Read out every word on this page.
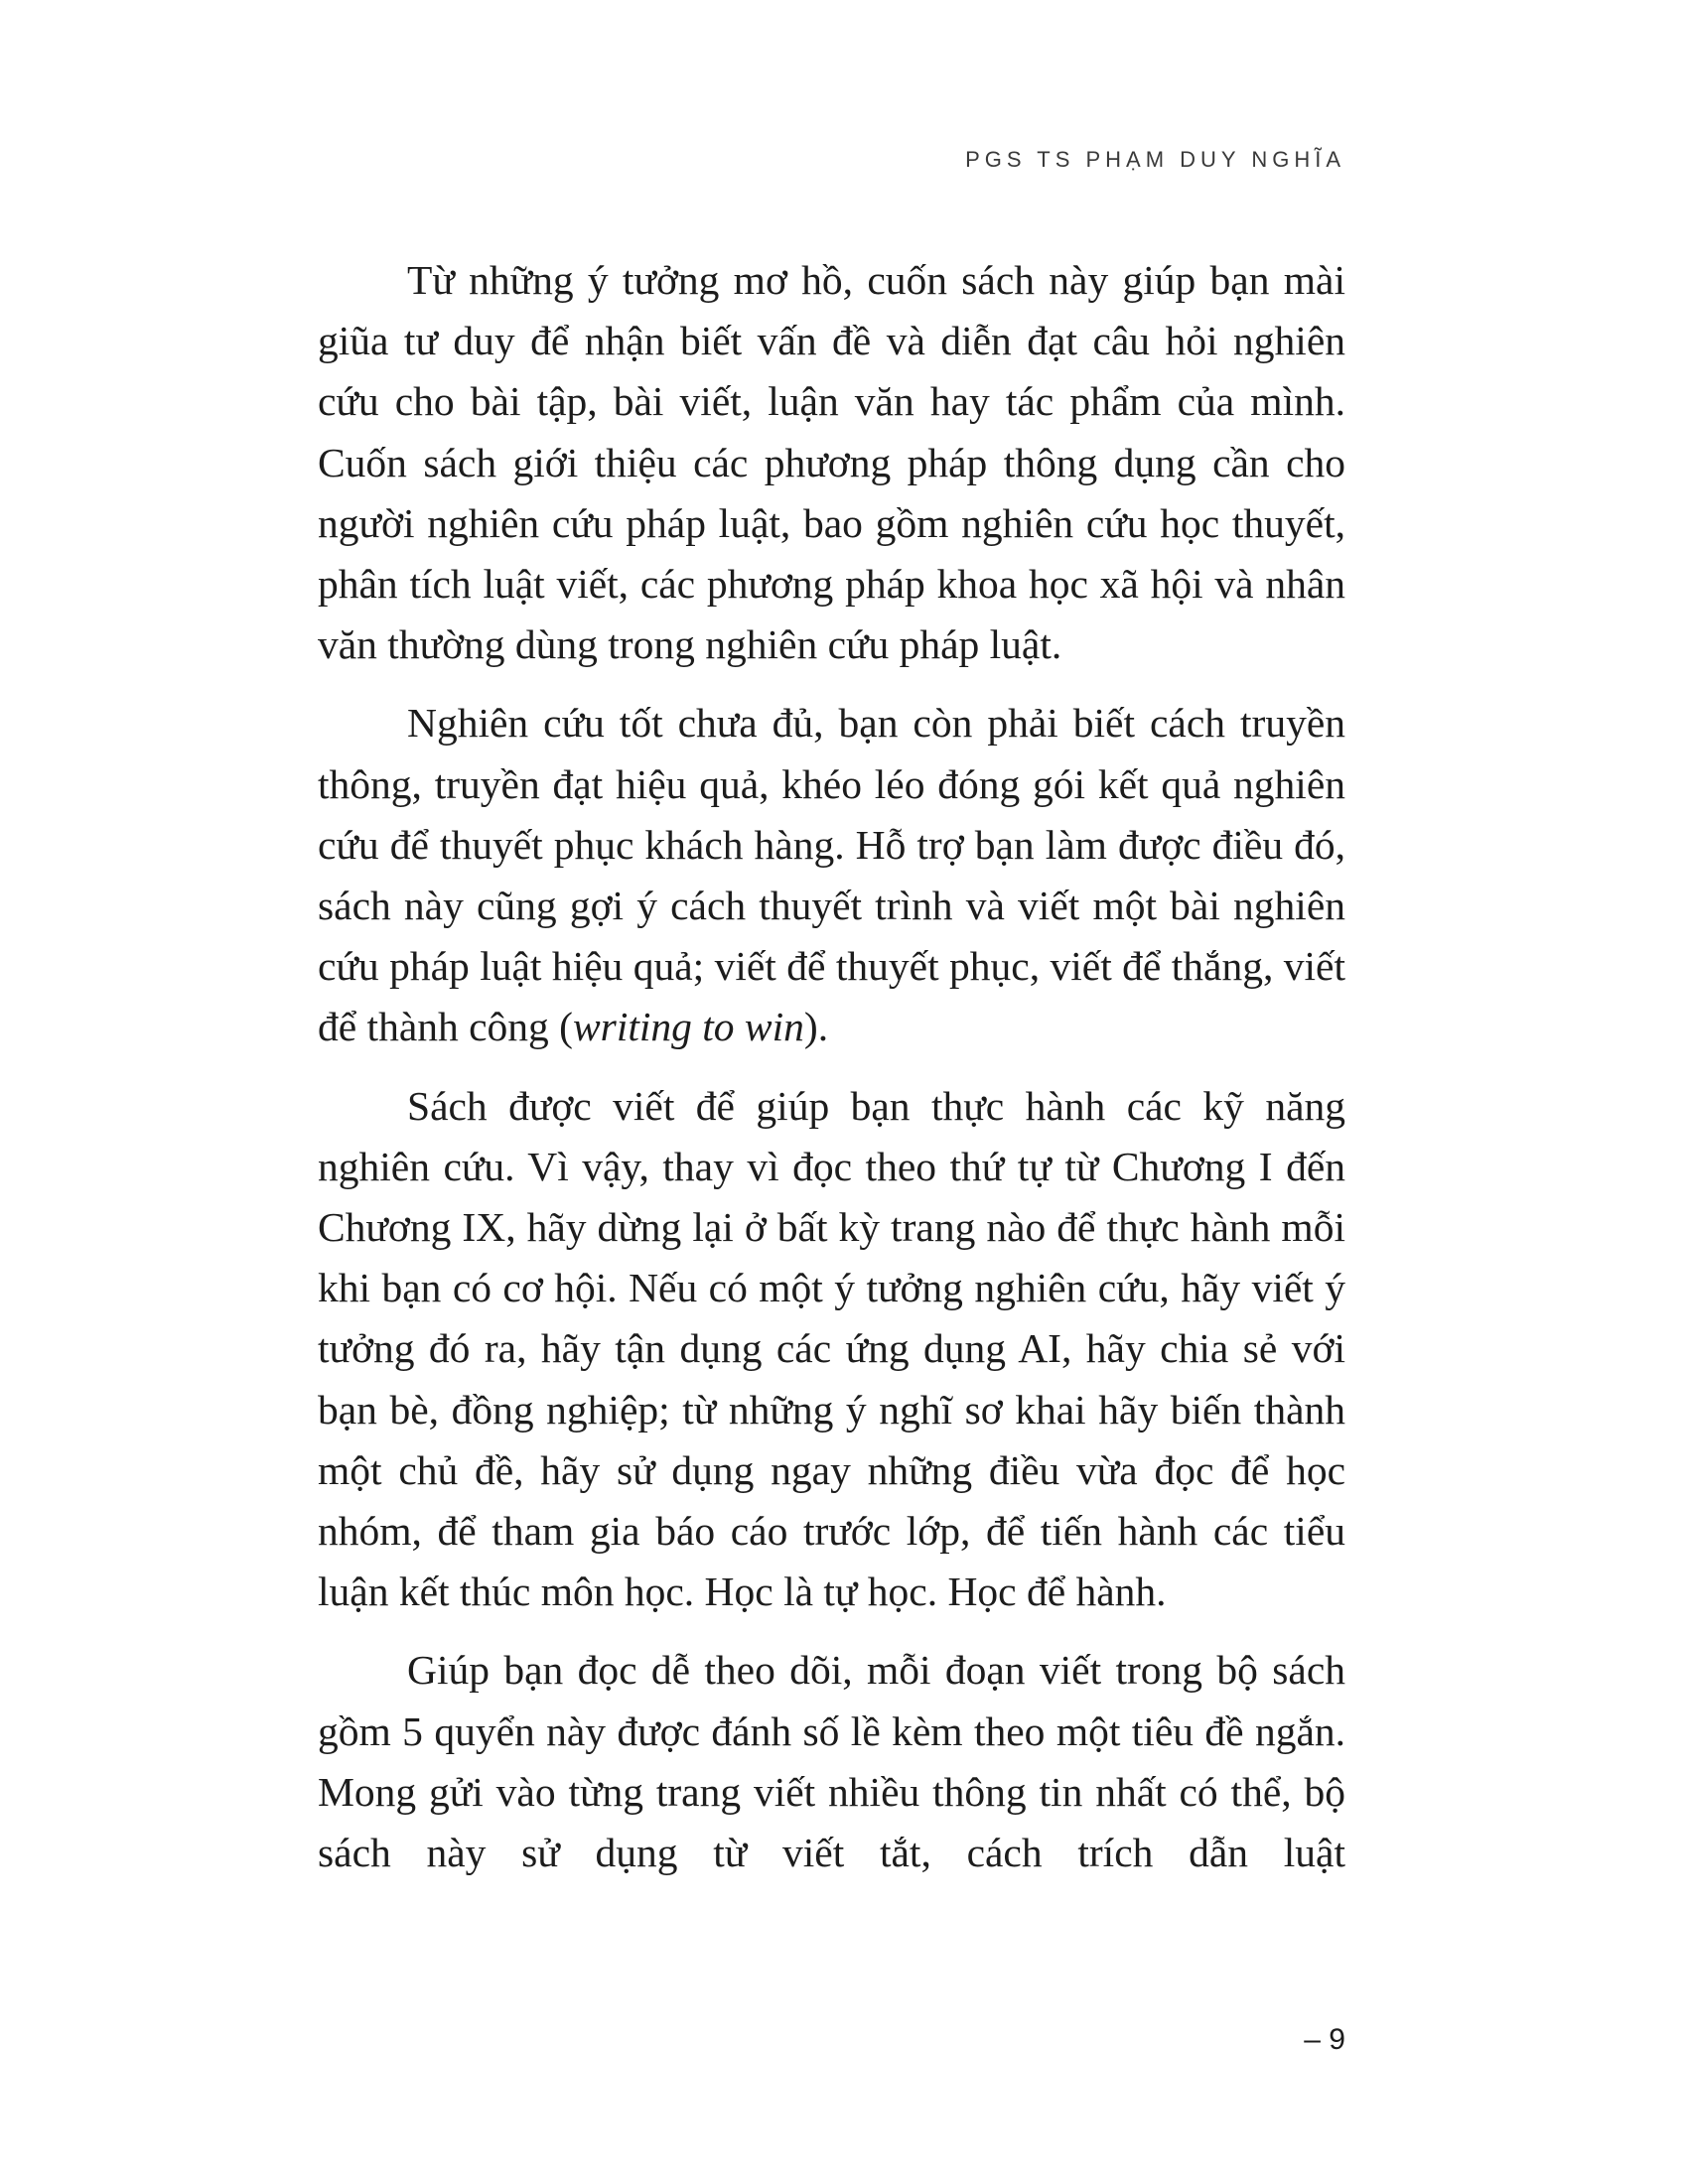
PGS TS PHẠM DUY NGHĨA

Từ những ý tưởng mơ hồ, cuốn sách này giúp bạn mài giũa tư duy để nhận biết vấn đề và diễn đạt câu hỏi nghiên cứu cho bài tập, bài viết, luận văn hay tác phẩm của mình. Cuốn sách giới thiệu các phương pháp thông dụng cần cho người nghiên cứu pháp luật, bao gồm nghiên cứu học thuyết, phân tích luật viết, các phương pháp khoa học xã hội và nhân văn thường dùng trong nghiên cứu pháp luật.

Nghiên cứu tốt chưa đủ, bạn còn phải biết cách truyền thông, truyền đạt hiệu quả, khéo léo đóng gói kết quả nghiên cứu để thuyết phục khách hàng. Hỗ trợ bạn làm được điều đó, sách này cũng gợi ý cách thuyết trình và viết một bài nghiên cứu pháp luật hiệu quả; viết để thuyết phục, viết để thắng, viết để thành công (writing to win).

Sách được viết để giúp bạn thực hành các kỹ năng nghiên cứu. Vì vậy, thay vì đọc theo thứ tự từ Chương I đến Chương IX, hãy dừng lại ở bất kỳ trang nào để thực hành mỗi khi bạn có cơ hội. Nếu có một ý tưởng nghiên cứu, hãy viết ý tưởng đó ra, hãy tận dụng các ứng dụng AI, hãy chia sẻ với bạn bè, đồng nghiệp; từ những ý nghĩ sơ khai hãy biến thành một chủ đề, hãy sử dụng ngay những điều vừa đọc để học nhóm, để tham gia báo cáo trước lớp, để tiến hành các tiểu luận kết thúc môn học. Học là tự học. Học để hành.

Giúp bạn đọc dễ theo dõi, mỗi đoạn viết trong bộ sách gồm 5 quyển này được đánh số lề kèm theo một tiêu đề ngắn. Mong gửi vào từng trang viết nhiều thông tin nhất có thể, bộ sách này sử dụng từ viết tắt, cách trích dẫn luật

– 9
